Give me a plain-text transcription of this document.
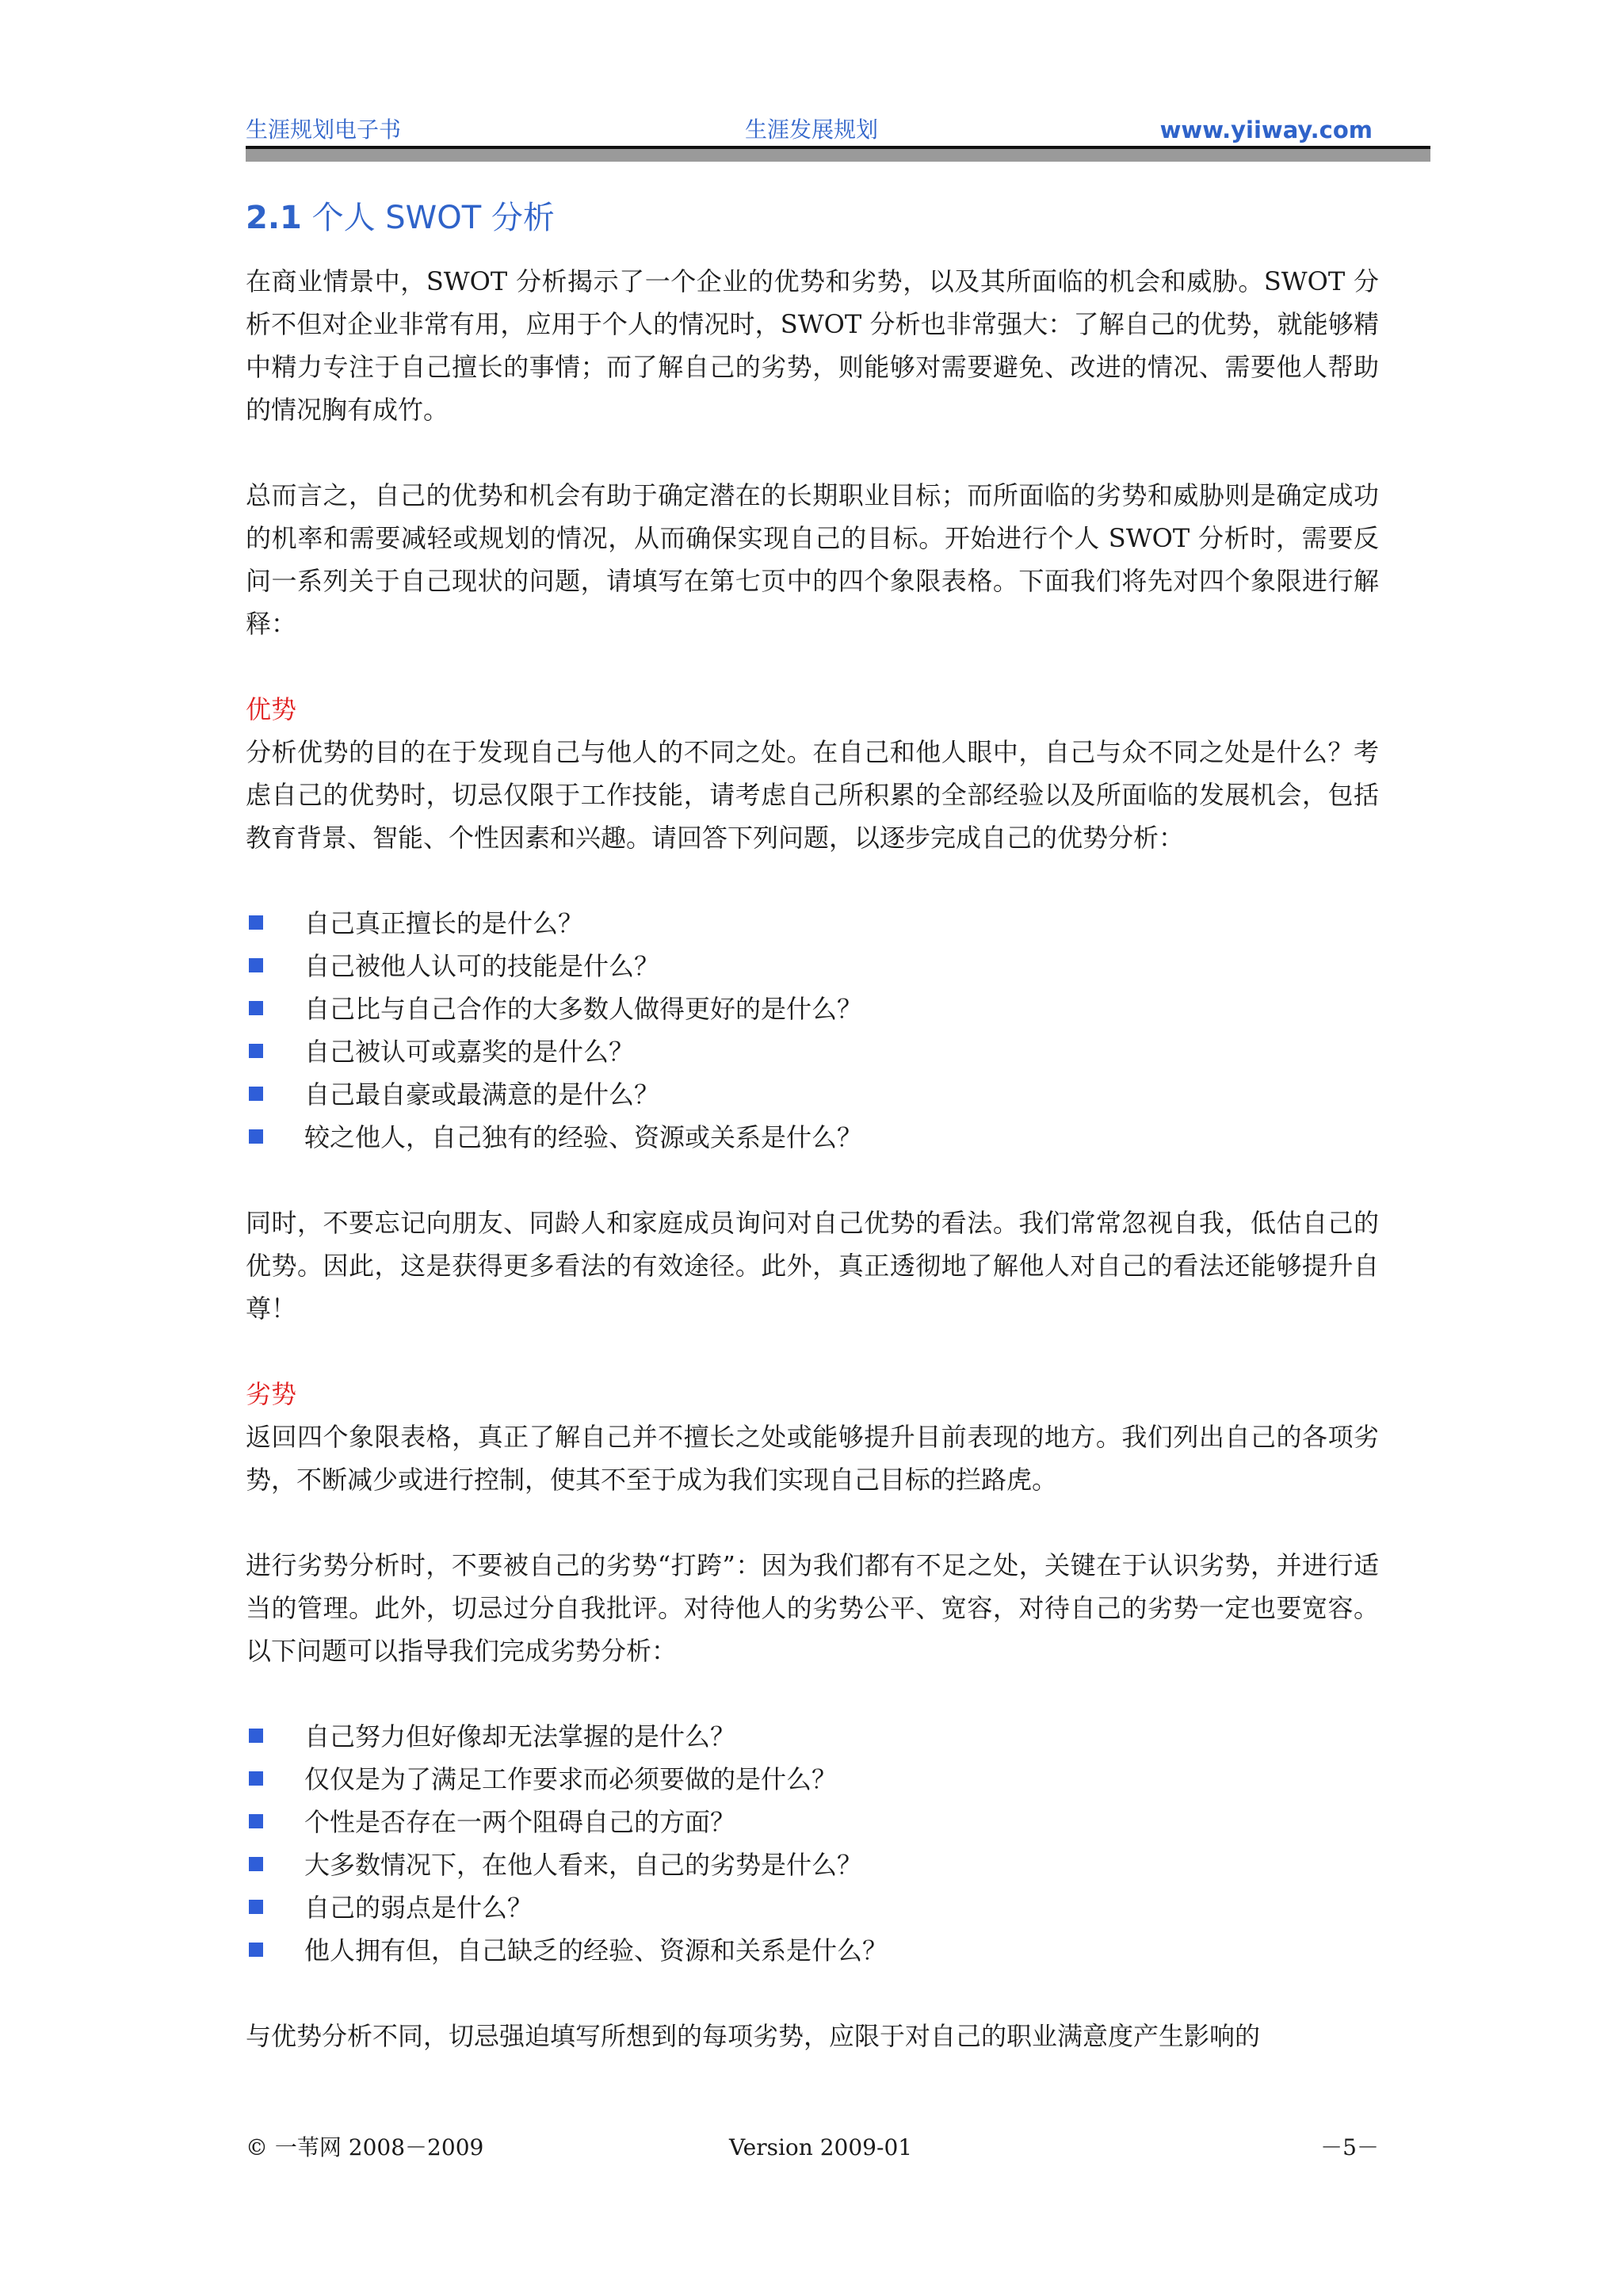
生涯规划电子书	生涯发展规划	www.yiiway.com
2.1 个人 SWOT 分析

在商业情景中，SWOT 分析揭示了一个企业的优势和劣势，以及其所面临的机会和威胁。SWOT 分析不但对企业非常有用，应用于个人的情况时，SWOT 分析也非常强大：了解自己的优势，就能够精中精力专注于自己擅长的事情；而了解自己的劣势，则能够对需要避免、改进的情况、需要他人帮助的情况胸有成竹。

总而言之，自己的优势和机会有助于确定潜在的长期职业目标；而所面临的劣势和威胁则是确定成功的机率和需要减轻或规划的情况，从而确保实现自己的目标。开始进行个人 SWOT 分析时，需要反问一系列关于自己现状的问题，请填写在第七页中的四个象限表格。下面我们将先对四个象限进行解释：

优势

分析优势的目的在于发现自己与他人的不同之处。在自己和他人眼中，自己与众不同之处是什么？考虑自己的优势时，切忌仅限于工作技能，请考虑自己所积累的全部经验以及所面临的发展机会，包括教育背景、智能、个性因素和兴趣。请回答下列问题，以逐步完成自己的优势分析：

自己真正擅长的是什么？
自己被他人认可的技能是什么？
自己比与自己合作的大多数人做得更好的是什么？
自己被认可或嘉奖的是什么？
自己最自豪或最满意的是什么？
较之他人，自己独有的经验、资源或关系是什么？

同时，不要忘记向朋友、同龄人和家庭成员询问对自己优势的看法。我们常常忽视自我，低估自己的优势。因此，这是获得更多看法的有效途径。此外，真正透彻地了解他人对自己的看法还能够提升自尊！

劣势

返回四个象限表格，真正了解自己并不擅长之处或能够提升目前表现的地方。我们列出自己的各项劣势，不断减少或进行控制，使其不至于成为我们实现自己目标的拦路虎。

进行劣势分析时，不要被自己的劣势“打跨”：因为我们都有不足之处，关键在于认识劣势，并进行适当的管理。此外，切忌过分自我批评。对待他人的劣势公平、宽容，对待自己的劣势一定也要宽容。以下问题可以指导我们完成劣势分析：

自己努力但好像却无法掌握的是什么？
仅仅是为了满足工作要求而必须要做的是什么？
个性是否存在一两个阻碍自己的方面？
大多数情况下，在他人看来，自己的劣势是什么？
自己的弱点是什么？
他人拥有但，自己缺乏的经验、资源和关系是什么？

与优势分析不同，切忌强迫填写所想到的每项劣势，应限于对自己的职业满意度产生影响的

© 一苇网 2008－2009	Version 2009-01	－5－
